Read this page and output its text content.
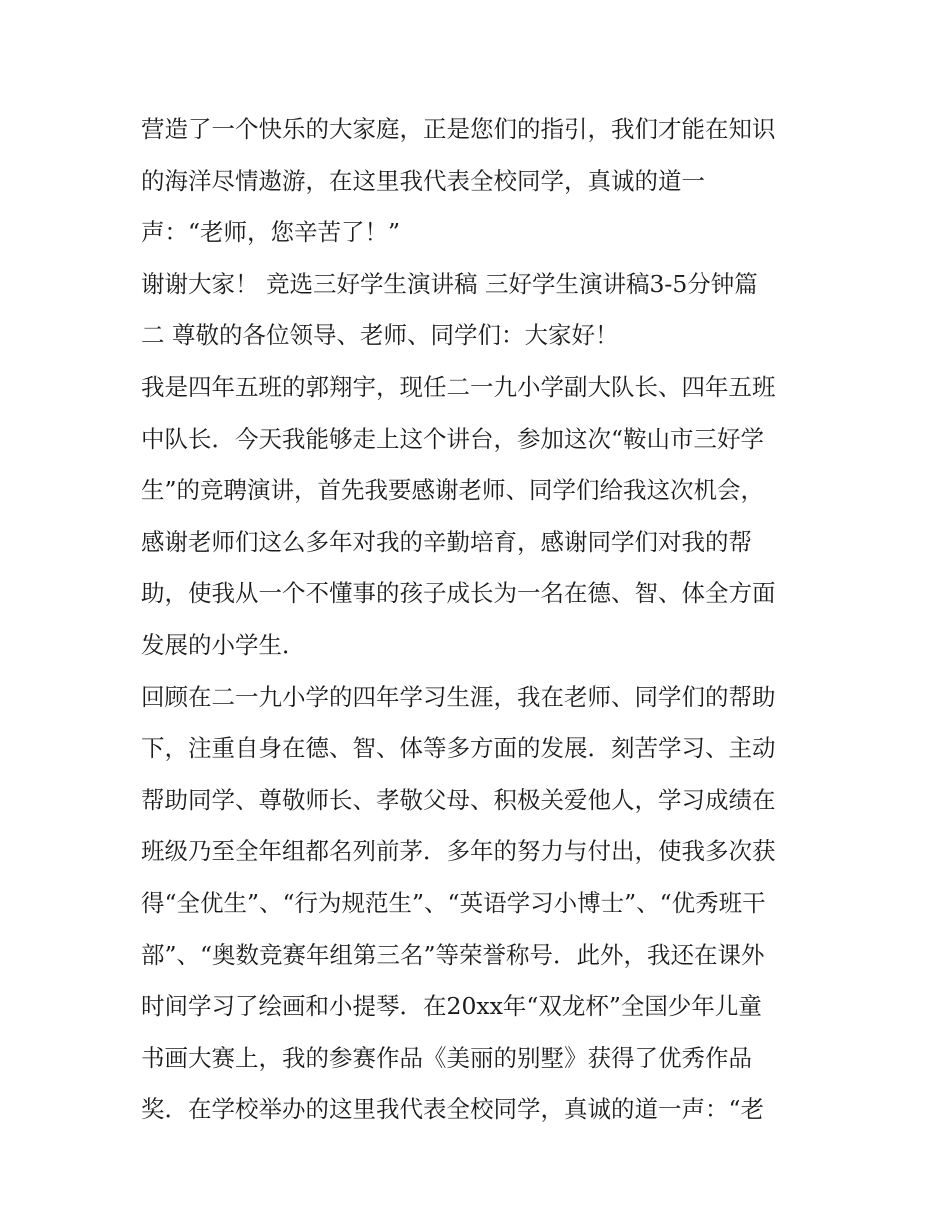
营造了一个快乐的大家庭，正是您们的指引，我们才能在知识
的海洋尽情遨游，在这里我代表全校同学，真诚的道一
声：“老师，您辛苦了！”
谢谢大家！ 竞选三好学生演讲稿 三好学生演讲稿3-5分钟篇
二 尊敬的各位领导、老师、同学们：大家好！
我是四年五班的郭翔宇，现任二一九小学副大队长、四年五班
中队长．今天我能够走上这个讲台，参加这次“鞍山市三好学
生”的竞聘演讲，首先我要感谢老师、同学们给我这次机会，
感谢老师们这么多年对我的辛勤培育，感谢同学们对我的帮
助，使我从一个不懂事的孩子成长为一名在德、智、体全方面
发展的小学生．
回顾在二一九小学的四年学习生涯，我在老师、同学们的帮助
下，注重自身在德、智、体等多方面的发展．刻苦学习、主动
帮助同学、尊敬师长、孝敬父母、积极关爱他人，学习成绩在
班级乃至全年组都名列前茅．多年的努力与付出，使我多次获
得“全优生”、“行为规范生”、“英语学习小博士”、“优秀班干
部”、“奥数竞赛年组第三名”等荣誉称号．此外，我还在课外
时间学习了绘画和小提琴．在20xx年“双龙杯”全国少年儿童
书画大赛上，我的参赛作品《美丽的别墅》获得了优秀作品
奖．在学校举办的这里我代表全校同学，真诚的道一声：“老
